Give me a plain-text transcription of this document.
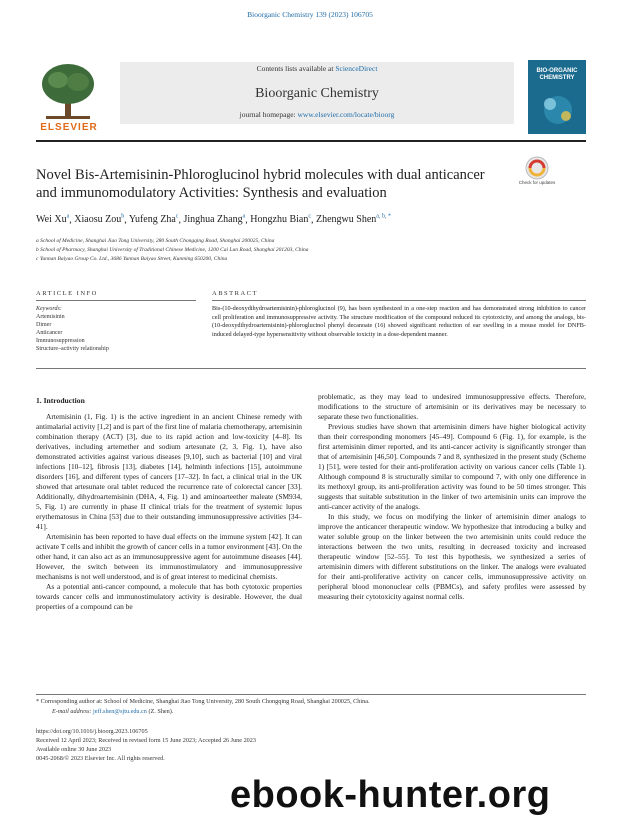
Bioorganic Chemistry 139 (2023) 106705
ELSEVIER
Contents lists available at ScienceDirect
Bioorganic Chemistry
journal homepage: www.elsevier.com/locate/bioorg
BIO-ORGANIC CHEMISTRY
Novel Bis-Artemisinin-Phloroglucinol hybrid molecules with dual anticancer and immunomodulatory Activities: Synthesis and evaluation
Check for updates
Wei Xu$^a$, Xiaosu Zou$^b$, Yufeng Zha$^c$, Jinghua Zhang$^a$, Hongzhu Bian$^c$, Zhengwu Shen$^{a, b, *}$
a School of Medicine, Shanghai Jiao Tong University, 280 South Chongqing Road, Shanghai 200025, China
b School of Pharmacy, Shanghai University of Traditional Chinese Medicine, 1200 Cai Lun Road, Shanghai 201203, China
c Yunnan Baiyao Group Co. Ltd., 3686 Yunnan Baiyao Street, Kunming 650200, China
ARTICLE INFO	ABSTRACT
Keywords:
Artemisinin
Dimer
Anticancer
Immunosuppression
Structure–activity relationship
Bis-(10-deoxydihydroartemisinin)-phloroglucinol (9), has been synthesized in a one-step reaction and has demonstrated strong inhibition to cancer cell proliferation and immunosuppressive activity. The structure modification of the compound reduced its cytotoxicity, and among the analogs, bis-(10-deoxydihydroartemisinin)-phloroglucinol phenyl decanoate (16) showed significant reduction of ear swelling in a mouse model for DNFB-induced delayed-type hypersensitivity without observable toxicity in a dose-dependent manner.
1. Introduction

Artemisinin (1, Fig. 1) is the active ingredient in an ancient Chinese remedy with antimalarial activity [1,2] and is part of the first line of malaria chemotherapy, artemisinin combination therapy (ACT) [3], due to its rapid action and low-toxicity [4–8]. Its derivatives, including artemether and sodium artesunate (2, 3, Fig. 1), have also demonstrated activities against various diseases [9,10], such as bacterial [10] and viral infections [10–12], fibrosis [13], diabetes [14], helminth infections [15], autoimmune disorders [16], and different types of cancers [17–32]. In fact, a clinical trial in the UK showed that artesunate oral tablet reduced the recurrence rate of colorectal cancer [33]. Additionally, dihydroartemisinin (DHA, 4, Fig. 1) and aminoarteether maleate (SM934, 5, Fig. 1) are currently in phase II clinical trials for the treatment of systemic lupus erythematosus in China [53] due to their outstanding immunosuppressive activities [34–41].

Artemisinin has been reported to have dual effects on the immune system [42]. It can activate T cells and inhibit the growth of cancer cells in a tumor environment [43]. On the other hand, it can also act as an immunosuppressive agent for autoimmune diseases [44]. However, the switch between its immunostimulatory and immunosuppressive mechanisms is not well understood, and is of great interest to medicinal chemists.

As a potential anti-cancer compound, a molecule that has both cytotoxic properties towards cancer cells and immunostimulatory activity is desirable. However, the dual properties of a compound can be

problematic, as they may lead to undesired immunosuppressive effects. Therefore, modifications to the structure of artemisinin or its derivatives may be necessary to separate these two functionalities.

Previous studies have shown that artemisinin dimers have higher biological activity than their corresponding monomers [45–49]. Compound 6 (Fig. 1), for example, is the first artemisinin dimer reported, and its anti-cancer activity is significantly stronger than that of artemisinin [46,50]. Compounds 7 and 8, synthesized in the present study (Scheme 1) [51], were tested for their anti-proliferation activity on various cancer cells (Table 1). Although compound 8 is structurally similar to compound 7, with only one difference in its methoxyl group, its anti-proliferation activity was found to be 50 times stronger. This suggests that suitable substitution in the linker of two artemisinin units can improve the anti-cancer activity of the analogs.

In this study, we focus on modifying the linker of artemisinin dimer analogs to improve the anticancer therapeutic window. We hypothesize that introducing a bulky and water soluble group on the linker between the two artemisinin units could reduce the interactions between the two units, resulting in decreased toxicity and increased therapeutic window [52–55]. To test this hypothesis, we synthesized a series of artemisinin dimers with different substitutions on the linker. The analogs were evaluated for their anti-proliferative activity on cancer cells, immunosuppressive activity on peripheral blood mononuclear cells (PBMCs), and safety profiles were assessed by measuring their cytotoxicity against normal cells.

* Corresponding author at: School of Medicine, Shanghai Jiao Tong University, 280 South Chongqing Road, Shanghai 200025, China.
E-mail address: jeff.shen@sjtu.edu.cn (Z. Shen).
https://doi.org/10.1016/j.bioorg.2023.106705
Received 12 April 2023; Received in revised form 15 June 2023; Accepted 26 June 2023
Available online 30 June 2023
0045-2068/© 2023 Elsevier Inc. All rights reserved.
ebook-hunter.org
